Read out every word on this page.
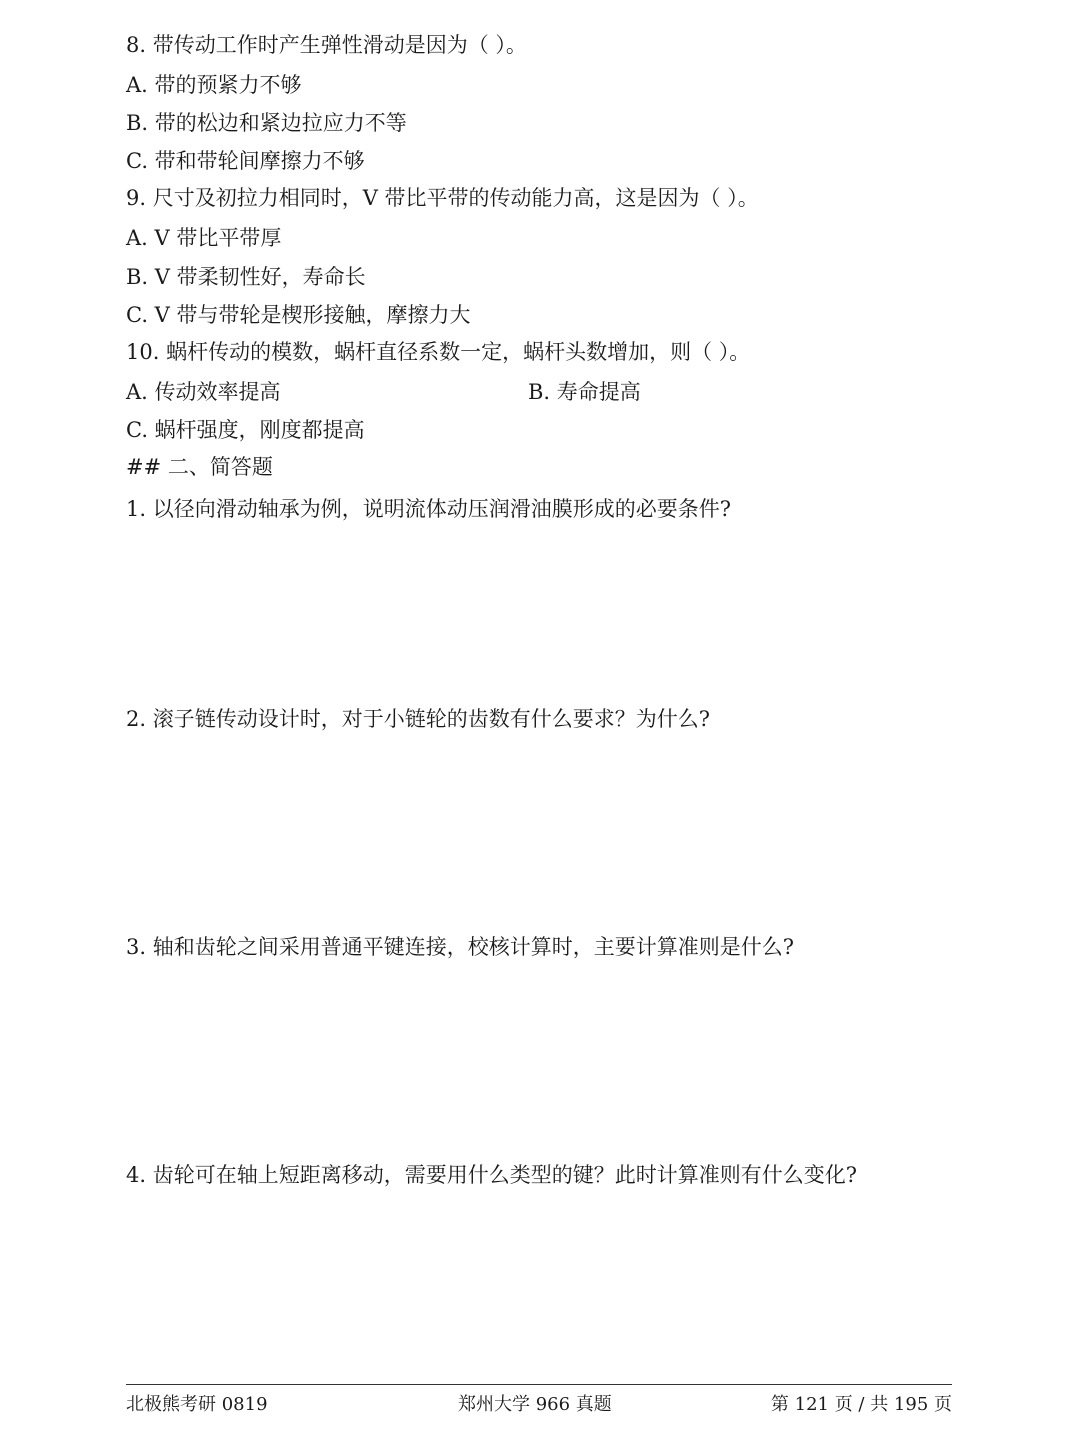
8. 带传动工作时产生弹性滑动是因为（ ）。
A. 带的预紧力不够
B. 带的松边和紧边拉应力不等
C. 带和带轮间摩擦力不够
9. 尺寸及初拉力相同时，V 带比平带的传动能力高，这是因为（ ）。
A. V 带比平带厚
B. V 带柔韧性好，寿命长
C. V 带与带轮是楔形接触，摩擦力大
10. 蜗杆传动的模数，蜗杆直径系数一定，蜗杆头数增加，则（ ）。
A. 传动效率提高	B. 寿命提高
C. 蜗杆强度，刚度都提高
## 二、简答题
1. 以径向滑动轴承为例，说明流体动压润滑油膜形成的必要条件?
2. 滚子链传动设计时，对于小链轮的齿数有什么要求？为什么?
3. 轴和齿轮之间采用普通平键连接，校核计算时，主要计算准则是什么?
4. 齿轮可在轴上短距离移动，需要用什么类型的键？此时计算准则有什么变化?
北极熊考研 0819	郑州大学 966 真题	第 121 页 / 共 195 页
